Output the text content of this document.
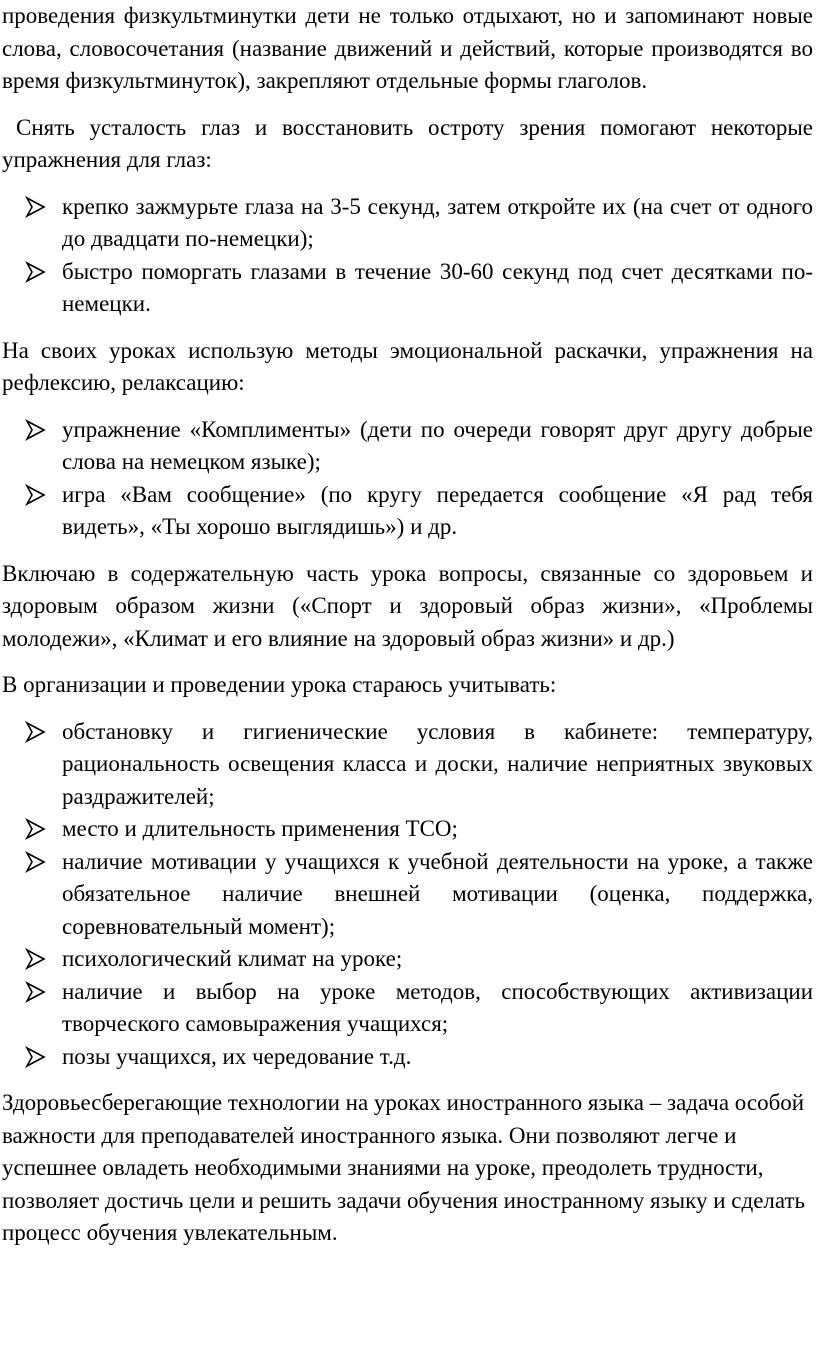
проведения физкультминутки дети не только отдыхают, но и запоминают новые слова, словосочетания (название движений и действий, которые производятся во время физкультминуток), закрепляют отдельные формы глаголов.

Снять усталость глаз и восстановить остроту зрения помогают некоторые упражнения для глаз:

крепко зажмурьте глаза на 3-5 секунд, затем откройте их (на счет от одного до двадцати по-немецки);
быстро поморгать глазами в течение 30-60 секунд под счет десятками по-немецки.

На своих уроках использую методы эмоциональной раскачки, упражнения на рефлексию, релаксацию:

упражнение «Комплименты» (дети по очереди говорят друг другу добрые слова на немецком языке);
игра «Вам сообщение» (по кругу передается сообщение «Я рад тебя видеть», «Ты хорошо выглядишь») и др.

Включаю в содержательную часть урока вопросы, связанные со здоровьем и здоровым образом жизни («Спорт и здоровый образ жизни», «Проблемы молодежи», «Климат и его влияние на здоровый образ жизни» и др.)

В организации и проведении урока стараюсь учитывать:

обстановку и гигиенические условия в кабинете: температуру, рациональность освещения класса и доски, наличие неприятных звуковых раздражителей;
место и длительность применения ТСО;
наличие мотивации у учащихся к учебной деятельности на уроке, а также обязательное наличие внешней мотивации (оценка, поддержка, соревновательный момент);
психологический климат на уроке;
наличие и выбор на уроке методов, способствующих активизации творческого самовыражения учащихся;
позы учащихся, их чередование т.д.

Здоровьесберегающие технологии на уроках иностранного языка – задача особой важности для преподавателей иностранного языка. Они позволяют легче и успешнее овладеть необходимыми знаниями на уроке, преодолеть трудности, позволяет достичь цели и решить задачи обучения иностранному языку и сделать процесс обучения увлекательным.
